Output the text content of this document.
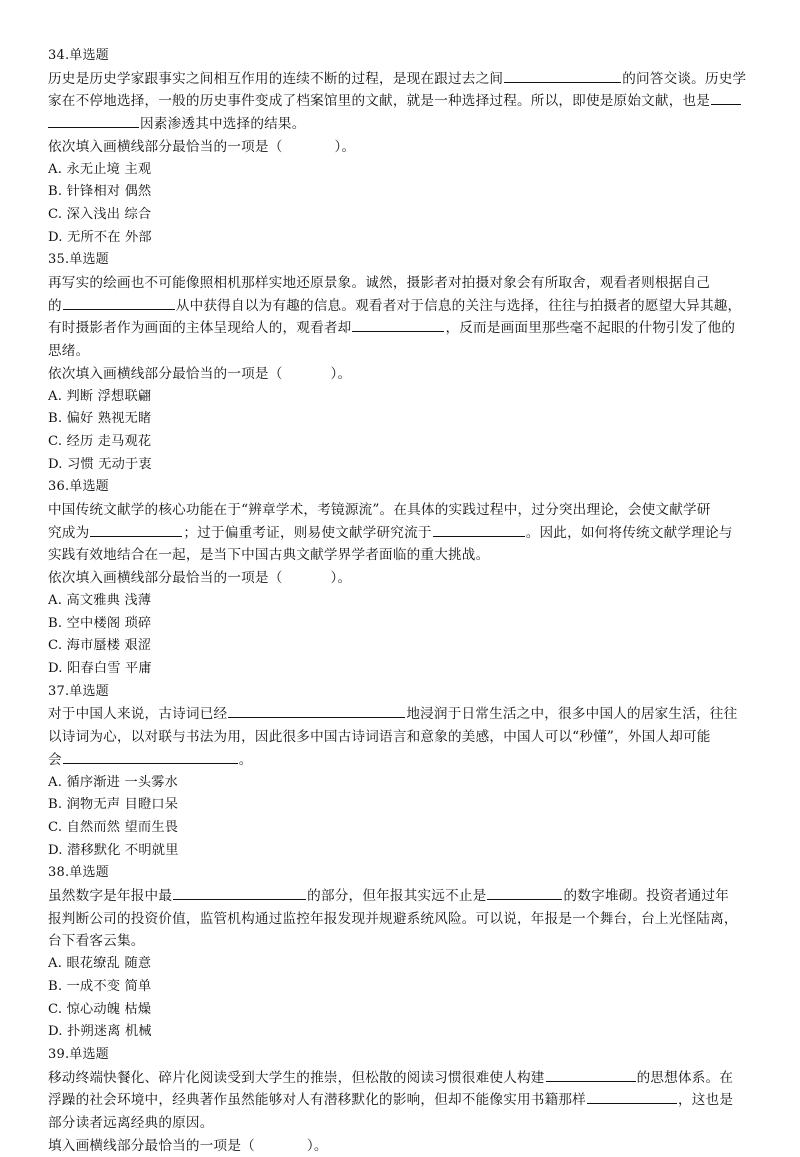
34.单选题
历史是历史学家跟事实之间相互作用的连续不断的过程，是现在跟过去之间	的问答交谈。历史学
家在不停地选择，一般的历史事件变成了档案馆里的文献，就是一种选择过程。所以，即使是原始文献，也是
因素渗透其中选择的结果。
依次填入画横线部分最恰当的一项是（	）。
A. 永无止境 主观
B. 针锋相对 偶然
C. 深入浅出 综合
D. 无所不在 外部
35.单选题
再写实的绘画也不可能像照相机那样实地还原景象。诚然，摄影者对拍摄对象会有所取舍，观看者则根据自己
的	从中获得自以为有趣的信息。观看者对于信息的关注与选择，往往与拍摄者的愿望大异其趣，
有时摄影者作为画面的主体呈现给人的，观看者却	，反而是画面里那些毫不起眼的什物引发了他的
思绪。
依次填入画横线部分最恰当的一项是（	）。
A. 判断 浮想联翩
B. 偏好 熟视无睹
C. 经历 走马观花
D. 习惯 无动于衷
36.单选题
中国传统文献学的核心功能在于“辨章学术，考镜源流”。在具体的实践过程中，过分突出理论，会使文献学研
究成为	；过于偏重考证，则易使文献学研究流于	。因此，如何将传统文献学理论与
实践有效地结合在一起，是当下中国古典文献学界学者面临的重大挑战。
依次填入画横线部分最恰当的一项是（	）。
A. 高文雅典 浅薄
B. 空中楼阁 琐碎
C. 海市蜃楼 艰涩
D. 阳春白雪 平庸
37.单选题
对于中国人来说，古诗词已经	地浸润于日常生活之中，很多中国人的居家生活，往往
以诗词为心，以对联与书法为用，因此很多中国古诗词语言和意象的美感，中国人可以“秒懂”，外国人却可能
会	。
A. 循序渐进 一头雾水
B. 润物无声 目瞪口呆
C. 自然而然 望而生畏
D. 潜移默化 不明就里
38.单选题
虽然数字是年报中最	的部分，但年报其实远不止是	的数字堆砌。投资者通过年
报判断公司的投资价值，监管机构通过监控年报发现并规避系统风险。可以说，年报是一个舞台，台上光怪陆离，
台下看客云集。
A. 眼花缭乱 随意
B. 一成不变 简单
C. 惊心动魄 枯燥
D. 扑朔迷离 机械
39.单选题
移动终端快餐化、碎片化阅读受到大学生的推崇，但松散的阅读习惯很难使人构建	的思想体系。在
浮躁的社会环境中，经典著作虽然能够对人有潜移默化的影响，但却不能像实用书籍那样	，这也是
部分读者远离经典的原因。
填入画横线部分最恰当的一项是（	）。
